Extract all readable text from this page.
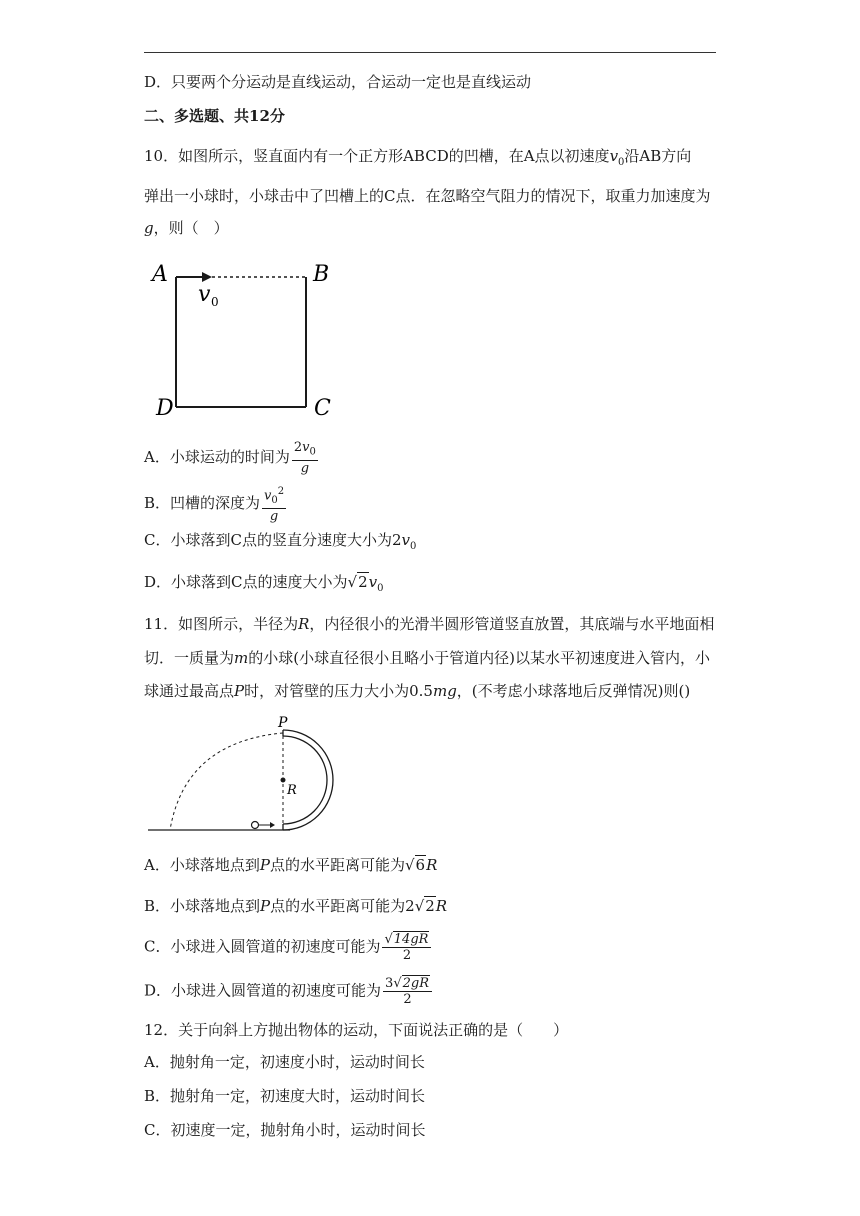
D．只要两个分运动是直线运动，合运动一定也是直线运动
二、多选题、共12分
10．如图所示，竖直面内有一个正方形ABCD的凹槽，在A点以初速度$v_0$沿AB方向
弹出一小球时，小球击中了凹槽上的C点．在忽略空气阻力的情况下，取重力加速度为
g，则（　）
A	B
D	C
v 0
A．小球运动的时间为 $\frac{2v_0}{g}$
B．凹槽的深度为 $\frac{v_0^2}{g}$
C．小球落到C点的竖直分速度大小为$2v_0$
D．小球落到C点的速度大小为$√2v_0$
11．如图所示，半径为R，内径很小的光滑半圆形管道竖直放置，其底端与水平地面相
切．一质量为m的小球(小球直径很小且略小于管道内径)以某水平初速度进入管内，小
球通过最高点P时，对管壁的压力大小为0.5mg，(不考虑小球落地后反弹情况)则()
P
R
A．小球落地点到P点的水平距离可能为√6R
B．小球落地点到P点的水平距离可能为2√2R
C．小球进入圆管道的初速度可能为 $\frac{√14gR}{2}$
D．小球进入圆管道的初速度可能为 $\frac{3√2gR}{2}$
12．关于向斜上方抛出物体的运动，下面说法正确的是（　　）
A．抛射角一定，初速度小时，运动时间长
B．抛射角一定，初速度大时，运动时间长
C．初速度一定，抛射角小时，运动时间长
